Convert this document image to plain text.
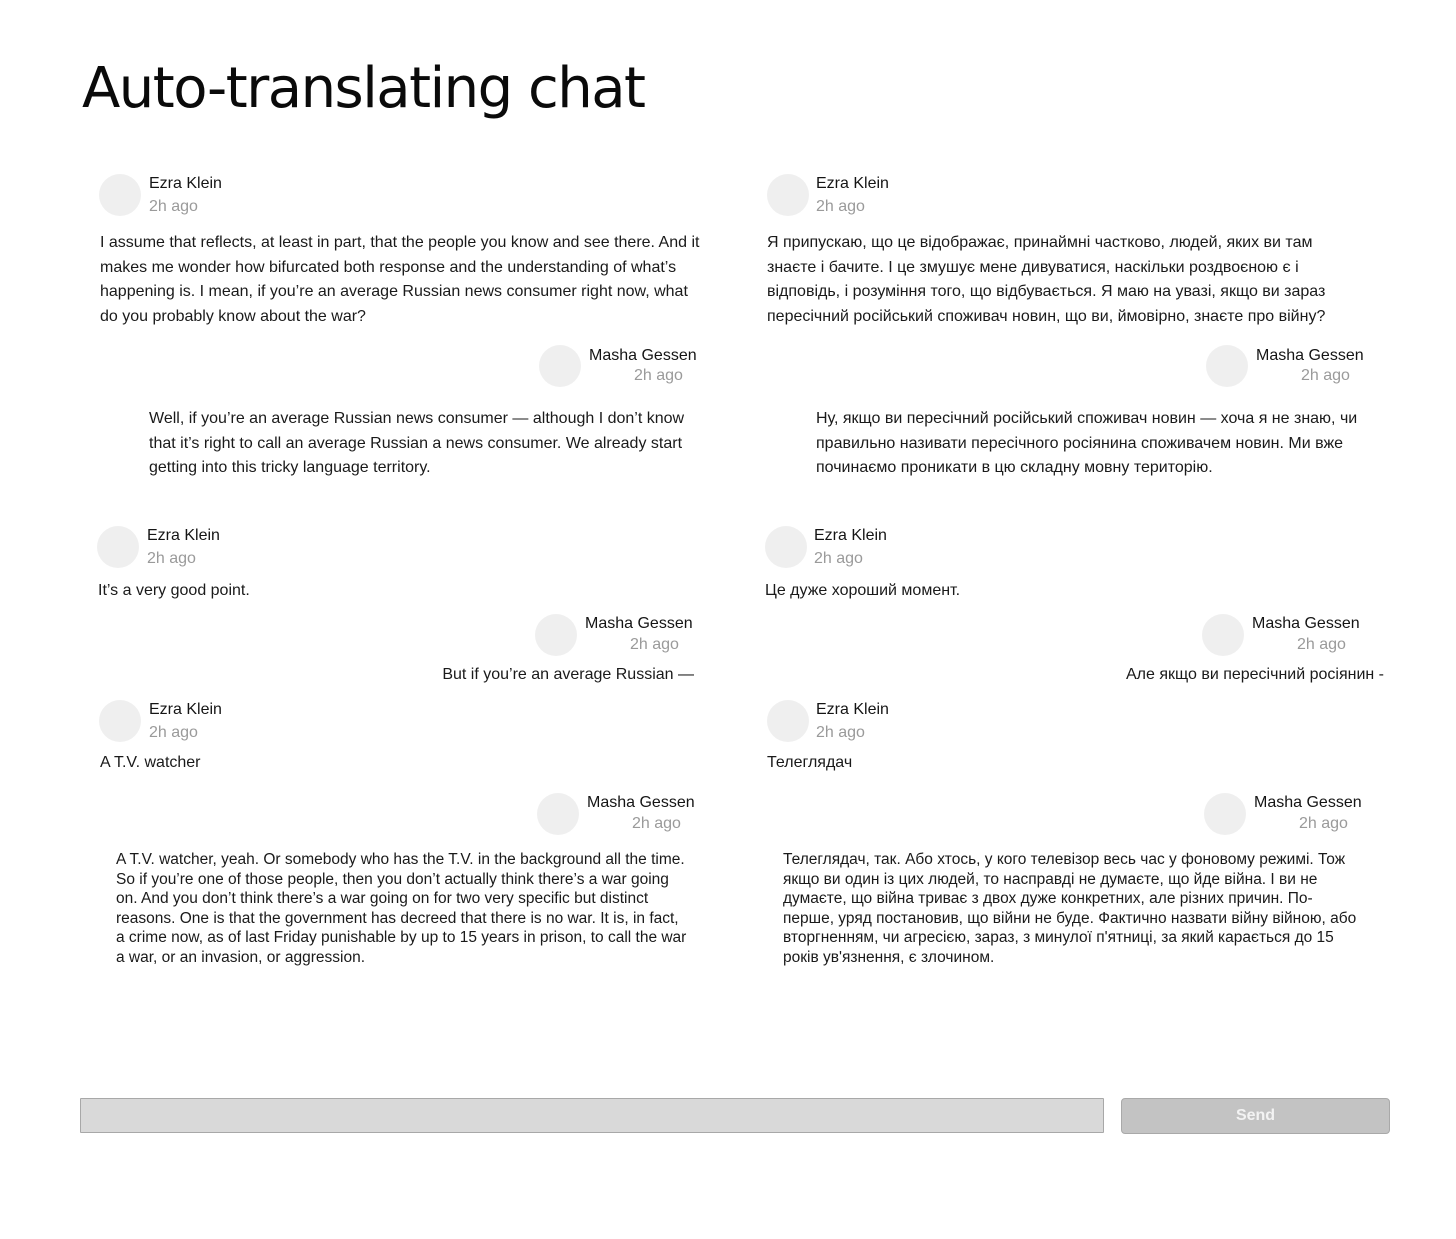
Auto-translating chat
Ezra Klein
2h ago
I assume that reflects, at least in part, that the people you know and see there. And it makes me wonder how bifurcated both response and the understanding of what’s happening is. I mean, if you’re an average Russian news consumer right now, what do you probably know about the war?
Masha Gessen
2h ago
Well, if you’re an average Russian news consumer — although I don’t know that it’s right to call an average Russian a news consumer. We already start getting into this tricky language territory.
Ezra Klein
2h ago
It’s a very good point.
Masha Gessen
2h ago
But if you’re an average Russian —
Ezra Klein
2h ago
A T.V. watcher
Masha Gessen
2h ago
A T.V. watcher, yeah. Or somebody who has the T.V. in the background all the time. So if you’re one of those people, then you don’t actually think there’s a war going on. And you don’t think there’s a war going on for two very specific but distinct reasons. One is that the government has decreed that there is no war. It is, in fact, a crime now, as of last Friday punishable by up to 15 years in prison, to call the war a war, or an invasion, or aggression.
Ezra Klein
2h ago
Я припускаю, що це відображає, принаймні частково, людей, яких ви там знаєте і бачите. І це змушує мене дивуватися, наскільки роздвоєною є і відповідь, і розуміння того, що відбувається. Я маю на увазі, якщо ви зараз пересічний російський споживач новин, що ви, ймовірно, знаєте про війну?
Masha Gessen
2h ago
Ну, якщо ви пересічний російський споживач новин — хоча я не знаю, чи правильно називати пересічного росіянина споживачем новин. Ми вже починаємо проникати в цю складну мовну територію.
Ezra Klein
2h ago
Це дуже хороший момент.
Masha Gessen
2h ago
Але якщо ви пересічний росіянин -
Ezra Klein
2h ago
Телеглядач
Masha Gessen
2h ago
Телеглядач, так. Або хтось, у кого телевізор весь час у фоновому режимі. Тож якщо ви один із цих людей, то насправді не думаєте, що йде війна. І ви не думаєте, що війна триває з двох дуже конкретних, але різних причин. По-перше, уряд постановив, що війни не буде. Фактично назвати війну війною, або вторгненням, чи агресією, зараз, з минулої п'ятниці, за який карається до 15 років ув'язнення, є злочином.
Send
